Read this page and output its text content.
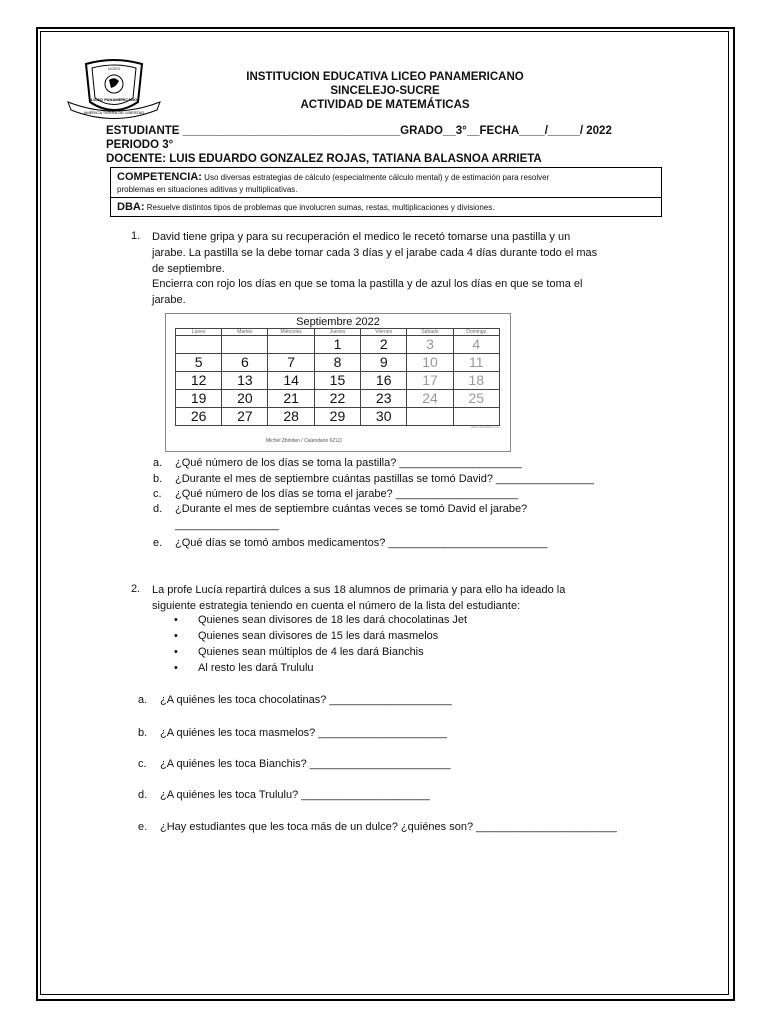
LICEO
LICEO PANAMERICANO
AMÉRICA TIERRA DE LIBERTAD
INSTITUCION EDUCATIVA LICEO PANAMERICANO
SINCELEJO-SUCRE
ACTIVIDAD DE MATEMÁTICAS
ESTUDIANTE __________________________________GRADO__3°__FECHA____/_____/ 2022
PERIODO 3°
DOCENTE: LUIS EDUARDO GONZALEZ ROJAS, TATIANA BALASNOA ARRIETA
COMPETENCIA: Uso diversas estrategias de cálculo (especialmente cálculo mental) y de estimación para resolver
problemas en situaciones aditivas y multiplicativas.
DBA: Resuelve distintos tipos de problemas que involucren sumas, restas, multiplicaciones y divisiones.
1. David tiene gripa y para su recuperación el medico le recetó tomarse una pastilla y un
jarabe. La pastilla se la debe tomar cada 3 días y el jarabe cada 4 días durante todo el mas
de septiembre.
Encierra con rojo los días en que se toma la pastilla y de azul los días en que se toma el
jarabe.
Septiembre 2022
Lunes	Martes	Miércoles	Jueves	Viernes	Sábado	Domingo
			1	2	3	4
5	6	7	8	9	10	11
12	13	14	15	16	17	18
19	20	21	22	23	24	25
26	27	28	29	30		
www.calendarioo.com
Michel Zbinden / Calendario 6ZLD
a. ¿Qué número de los días se toma la pastilla? ____________________
b. ¿Durante el mes de septiembre cuántas pastillas se tomó David? ________________
c. ¿Qué número de los días se toma el jarabe? ____________________
d. ¿Durante el mes de septiembre cuántas veces se tomó David el jarabe?
_________________
e. ¿Qué días se tomó ambos medicamentos? __________________________
2. La profe Lucía repartirá dulces a sus 18 alumnos de primaria y para ello ha ideado la
siguiente estrategia teniendo en cuenta el número de la lista del estudiante:
• Quienes sean divisores de 18 les dará chocolatinas Jet
• Quienes sean divisores de 15 les dará masmelos
• Quienes sean múltiplos de 4 les dará Bianchis
• Al resto les dará Trululu
a. ¿A quiénes les toca chocolatinas? ____________________
b. ¿A quiénes les toca masmelos? _____________________
c. ¿A quiénes les toca Bianchis? _______________________
d. ¿A quiénes les toca Trululu? _____________________
e. ¿Hay estudiantes que les toca más de un dulce? ¿quiénes son? _______________________
